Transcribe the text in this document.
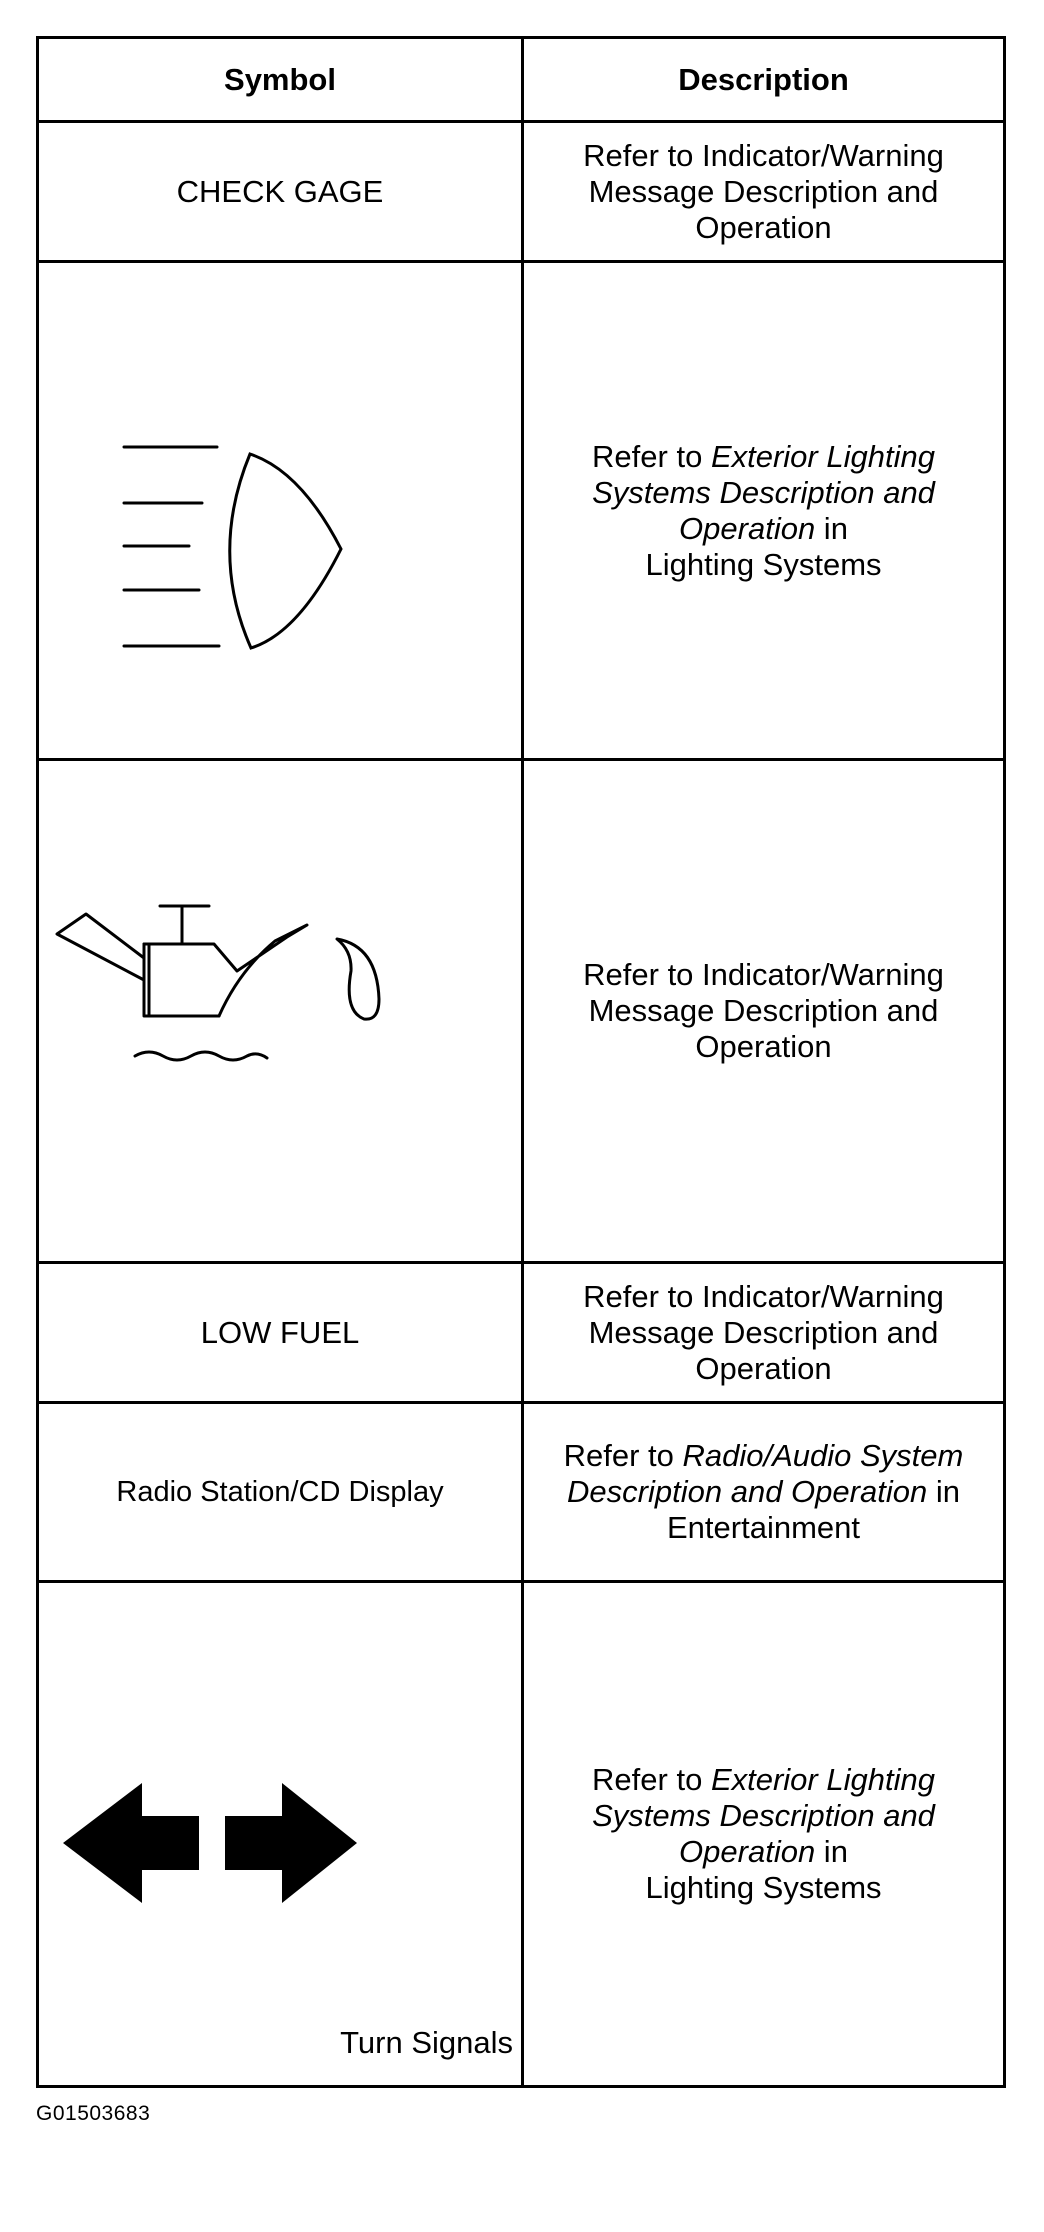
Symbol	Description
CHECK GAGE
Refer to Indicator/Warning Message Description and Operation
Refer to Exterior Lighting Systems Description and Operation in
Lighting Systems
Refer to Indicator/Warning Message Description and Operation
LOW FUEL
Refer to Indicator/Warning Message Description and Operation
Radio Station/CD Display
Refer to Radio/Audio System Description and Operation in
Entertainment
Turn Signals
Refer to Exterior Lighting Systems Description and Operation in
Lighting Systems
G01503683
